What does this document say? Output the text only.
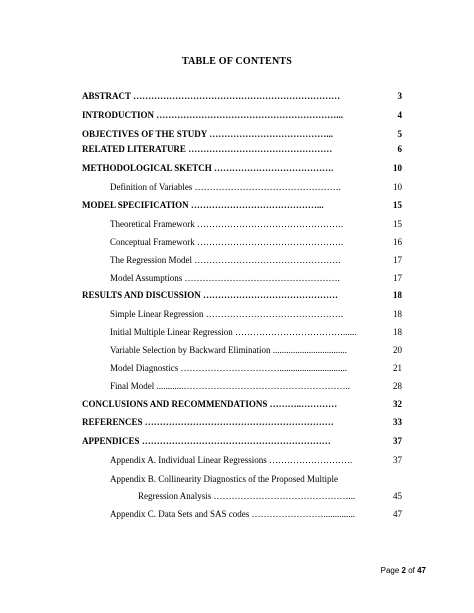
TABLE OF CONTENTS
ABSTRACT ……………………………………………………………	3
INTRODUCTION ……………………………………………………...	4
OBJECTIVES OF THE STUDY …………………………………...	5
RELATED LITERATURE …………………………………………	6
METHODOLOGICAL SKETCH ………………………………….	10
Definition of Variables ………………………………………….	10
MODEL SPECIFICATION ……………………………………...	15
Theoretical Framework ………………………………………….	15
Conceptual Framework ………………………………………….	16
The Regression Model ………………………………………….	17
Model Assumptions …………………………………………….	17
RESULTS AND DISCUSSION ………………………………………	18
Simple Linear Regression ……………………………………….	18
Initial Multiple Linear Regression ………………………………......	18
Variable Selection by Backward Elimination .................................	20
Model Diagnostics ……………………………..............................	21
Final Model ............………………………………………………..	28
CONCLUSIONS AND RECOMMENDATIONS ………..…………	32
REFERENCES ………………………………………………………	33
APPENDICES ………………………………………………………	37
Appendix A. Individual Linear Regressions ……………………….	37
Appendix B. Collinearity Diagnostics of the Proposed Multiple
Regression Analysis ………………………………………...	45
Appendix C. Data Sets and SAS codes ……………………..............	47
Page 2 of 47
